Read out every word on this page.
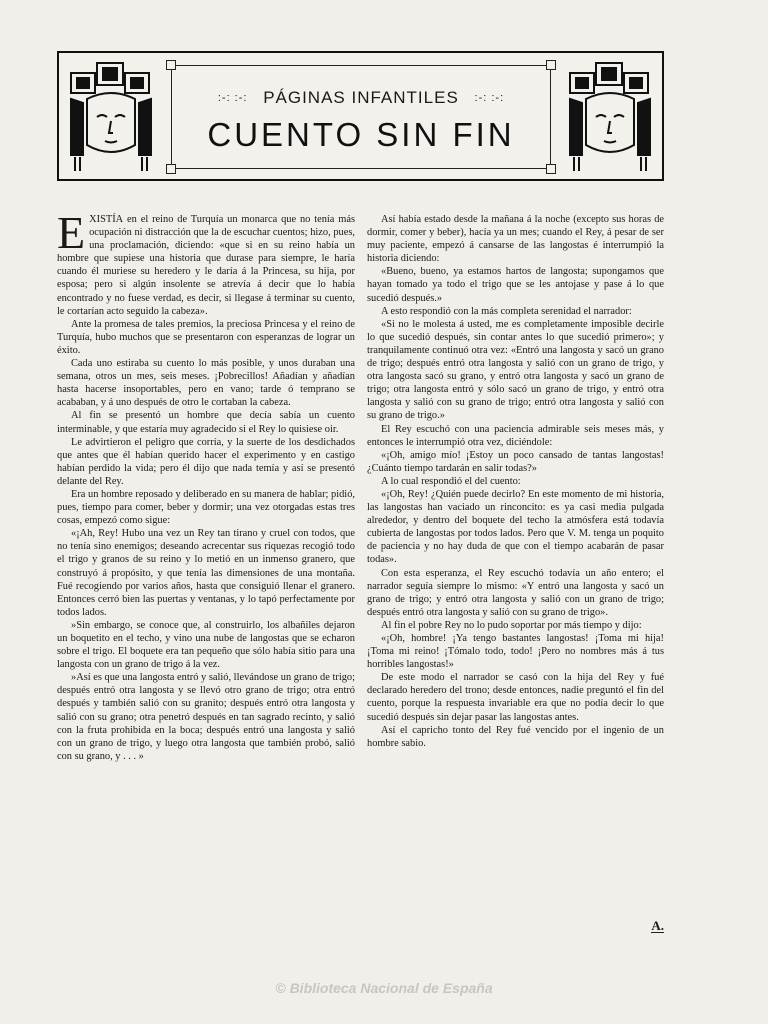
:-: :-: PÁGINAS INFANTILES :-: :-:
CUENTO SIN FIN

EXISTÍA en el reino de Turquía un monarca que no tenía más ocupación ni distracción que la de escuchar cuentos; hizo, pues, una proclamación, diciendo: «que si en su reino había un hombre que supiese una historia que durase para siempre, le haría cuando él muriese su heredero y le daría á la Princesa, su hija, por esposa; pero si algún insolente se atrevía á decir que lo había encontrado y no fuese verdad, es decir, si llegase á terminar su cuento, le cortarían acto seguido la cabeza».

Ante la promesa de tales premios, la preciosa Princesa y el reino de Turquía, hubo muchos que se presentaron con esperanzas de lograr un éxito.

Cada uno estiraba su cuento lo más posible, y unos duraban una semana, otros un mes, seis meses. ¡Pobrecillos! Añadían y añadían hasta hacerse insoportables, pero en vano; tarde ó temprano se acababan, y á uno después de otro le cortaban la cabeza.

Al fin se presentó un hombre que decía sabía un cuento interminable, y que estaría muy agradecido si el Rey lo quisiese oir.

Le advirtieron el peligro que corría, y la suerte de los desdichados que antes que él habían querido hacer el experimento y en castigo habían perdido la vida; pero él dijo que nada temía y así se presentó delante del Rey.

Era un hombre reposado y deliberado en su manera de hablar; pidió, pues, tiempo para comer, beber y dormir; una vez otorgadas estas tres cosas, empezó como sigue:

«¡Ah, Rey! Hubo una vez un Rey tan tirano y cruel con todos, que no tenía sino enemigos; deseando acrecentar sus riquezas recogió todo el trigo y granos de su reino y lo metió en un inmenso granero, que construyó á propósito, y que tenía las dimensiones de una montaña. Fué recogiendo por varios años, hasta que consiguió llenar el granero. Entonces cerró bien las puertas y ventanas, y lo tapó perfectamente por todos lados.

»Sin embargo, se conoce que, al construirlo, los albañiles dejaron un boquetito en el techo, y vino una nube de langostas que se echaron sobre el trigo. El boquete era tan pequeño que sólo había sitio para una langosta con un grano de trigo á la vez.

»Así es que una langosta entró y salió, llevándose un grano de trigo; después entró otra langosta y se llevó otro grano de trigo; otra entró después y también salió con su granito; después entró otra langosta y salió con su grano; otra penetró después en tan sagrado recinto, y salió con la fruta prohibida en la boca; después entró una langosta y salió con un grano de trigo, y luego otra langosta que también probó, salió con su grano, y . . . »

Así había estado desde la mañana á la noche (excepto sus horas de dormir, comer y beber), hacía ya un mes; cuando el Rey, á pesar de ser muy paciente, empezó á cansarse de las langostas é interrumpió la historia diciendo:

«Bueno, bueno, ya estamos hartos de langosta; supongamos que hayan tomado ya todo el trigo que se les antojase y pase á lo que sucedió después.»

A esto respondió con la más completa serenidad el narrador:

«Si no le molesta á usted, me es completamente imposible decirle lo que sucedió después, sin contar antes lo que sucedió primero»; y tranquilamente continuó otra vez: «Entró una langosta y sacó un grano de trigo; después entró otra langosta y salió con un grano de trigo, y otra langosta sacó su grano, y entró otra langosta y sacó un grano de trigo; otra langosta entró y sólo sacó un grano de trigo, y entró otra langosta y salió con su grano de trigo; entró otra langosta y salió con su grano de trigo.»

El Rey escuchó con una paciencia admirable seis meses más, y entonces le interrumpió otra vez, diciéndole:

«¡Oh, amigo mío! ¡Estoy un poco cansado de tantas langostas! ¿Cuánto tiempo tardarán en salir todas?»

A lo cual respondió el del cuento:

«¡Oh, Rey! ¿Quién puede decirlo? En este momento de mi historia, las langostas han vaciado un rinconcito: es ya casi media pulgada alrededor, y dentro del boquete del techo la atmósfera está todavía cubierta de langostas por todos lados. Pero que V. M. tenga un poquito de paciencia y no hay duda de que con el tiempo acabarán de pasar todas».

Con esta esperanza, el Rey escuchó todavía un año entero; el narrador seguía siempre lo mismo: «Y entró una langosta y sacó un grano de trigo; y entró otra langosta y salió con un grano de trigo; después entró otra langosta y salió con su grano de trigo».

Al fin el pobre Rey no lo pudo soportar por más tiempo y dijo:

«¡Oh, hombre! ¡Ya tengo bastantes langostas! ¡Toma mi hija! ¡Toma mi reino! ¡Tómalo todo, todo! ¡Pero no nombres más á tus horribles langostas!»

De este modo el narrador se casó con la hija del Rey y fué declarado heredero del trono; desde entonces, nadie preguntó el fin del cuento, porque la respuesta invariable era que no podía decir lo que sucedió después sin dejar pasar las langostas antes.

Así el capricho tonto del Rey fué vencido por el ingenio de un hombre sabio.

A.
© Biblioteca Nacional de España
